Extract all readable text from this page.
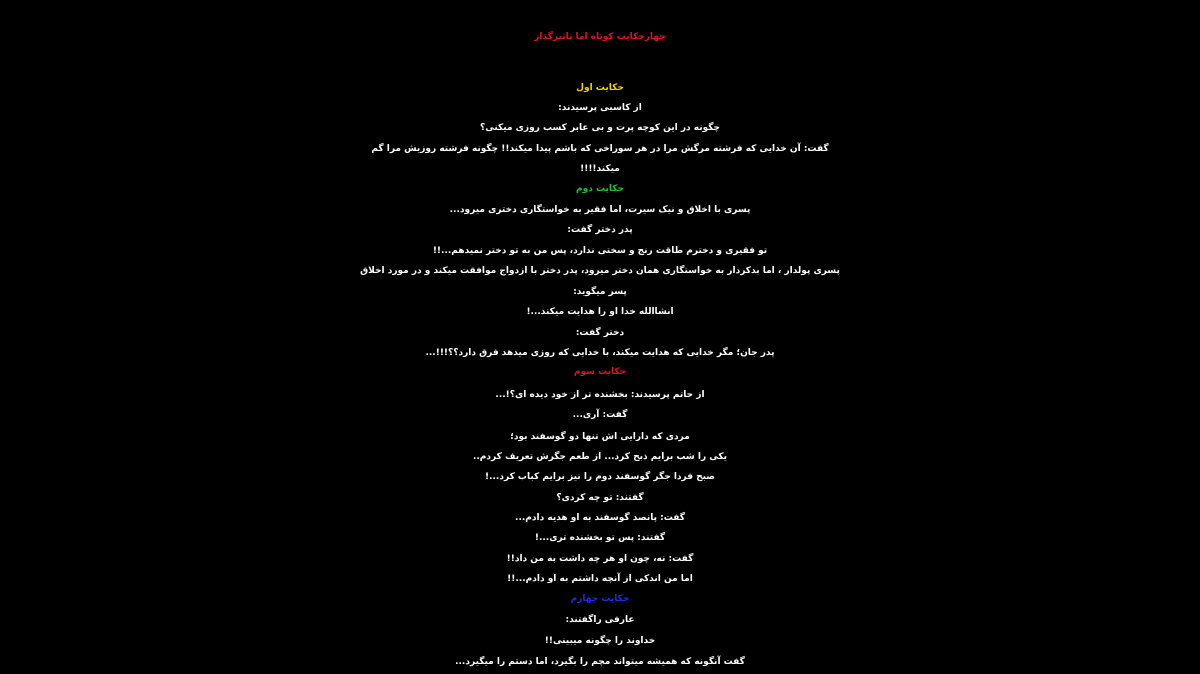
چهارحکایت کوتاه اما تاثیرگذار
حکایت اول
از کاسبی پرسیدند:
چگونه در این کوچه پرت و بی عابر کسب روزی میکنی؟
گفت: آن خدایی که فرشته مرگش مرا در هر سوراخی که باشم پیدا میکند!! چگونه فرشته روزیش مرا گم
میکند!!!!
حکایت دوم
پسری با اخلاق و نیک سیرت، اما فقیر به خواستگاری دختری میرود...
پدر دختر گفت:
تو فقیری و دخترم طاقت رنج و سختی ندارد، پس من به تو دختر نمیدهم...!!
پسری پولدار ، اما بدکردار به خواستگاری همان دختر میرود، پدر دختر با ازدواج موافقت میکند و در مورد اخلاق
پسر میگوید:
انشاالله خدا او را هدایت میکند...!
دختر گفت:
پدر جان؛ مگر خدایی که هدایت میکند، با خدایی که روزی میدهد فرق دارد؟؟!!!...
حکایت سوم
از حاتم پرسیدند: بخشنده تر از خود دیده ای؟!...
گفت: آری...
مردی که دارایی اش تنها دو گوسفند بود؛
یکی را شب برایم ذبح کرد... از طعم جگرش تعریف کردم..
صبح فردا جگر گوسفند دوم را نیز برایم کباب کرد...!
گفتند: تو چه کردی؟
گفت: پانصد گوسفند به او هدیه دادم...
گفتند: پس تو بخشنده تری...!
گفت: نه، چون او هر چه داشت به من داد!!
اما من اندکی از آنچه داشتم به او دادم...!!
حکایت چهارم
عارفی راگفتند:
خداوند را چگونه میبینی!!
گفت آنگونه که همیشه میتواند مچم را بگیرد، اما دستم را میگیرد...
